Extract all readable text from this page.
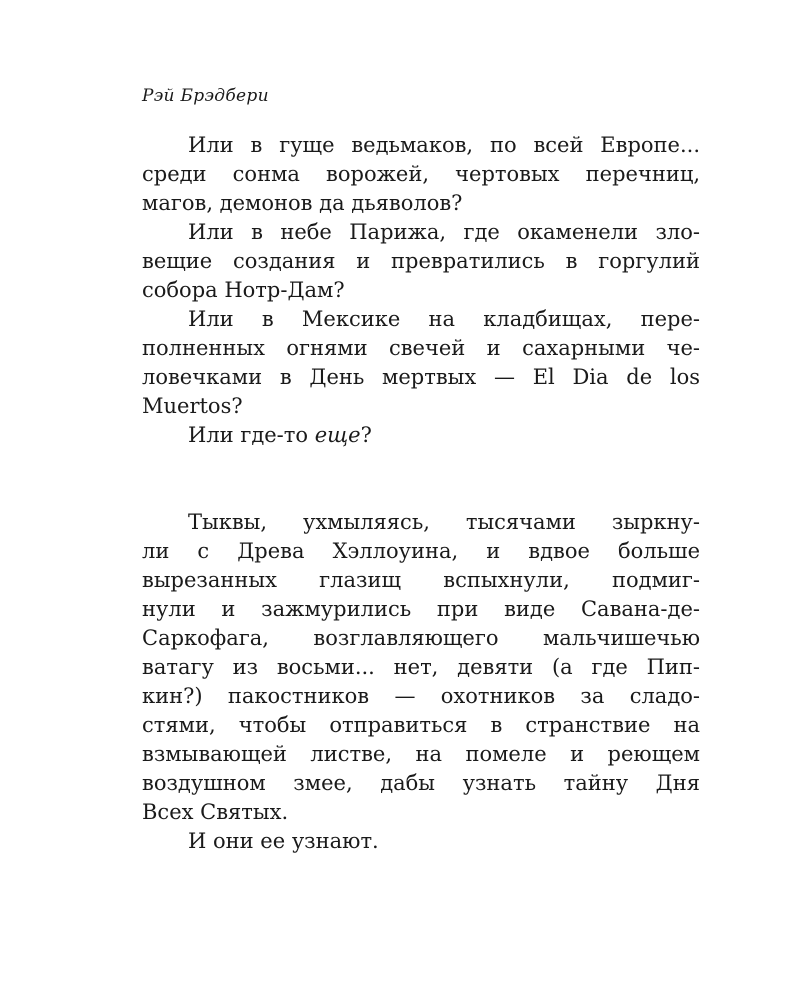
Рэй Брэдбери
Или в гуще ведьмаков, по всей Европе...
среди сонма ворожей, чертовых перечниц,
магов, демонов да дьяволов?
Или в небе Парижа, где окаменели зло-
вещие создания и превратились в горгулий
собора Нотр-Дам?
Или в Мексике на кладбищах, пере-
полненных огнями свечей и сахарными че-
ловечками в День мертвых — El Dia de los
Muertos?
Или где-то еще?
Тыквы, ухмыляясь, тысячами зыркну-
ли с Древа Хэллоуина, и вдвое больше
вырезанных глазищ вспыхнули, подмиг-
нули и зажмурились при виде Савана-де-
Саркофага, возглавляющего мальчишечью
ватагу из восьми... нет, девяти (а где Пип-
кин?) пакостников — охотников за сладо-
стями, чтобы отправиться в странствие на
взмывающей листве, на помеле и реющем
воздушном змее, дабы узнать тайну Дня
Всех Святых.
И они ее узнают.
